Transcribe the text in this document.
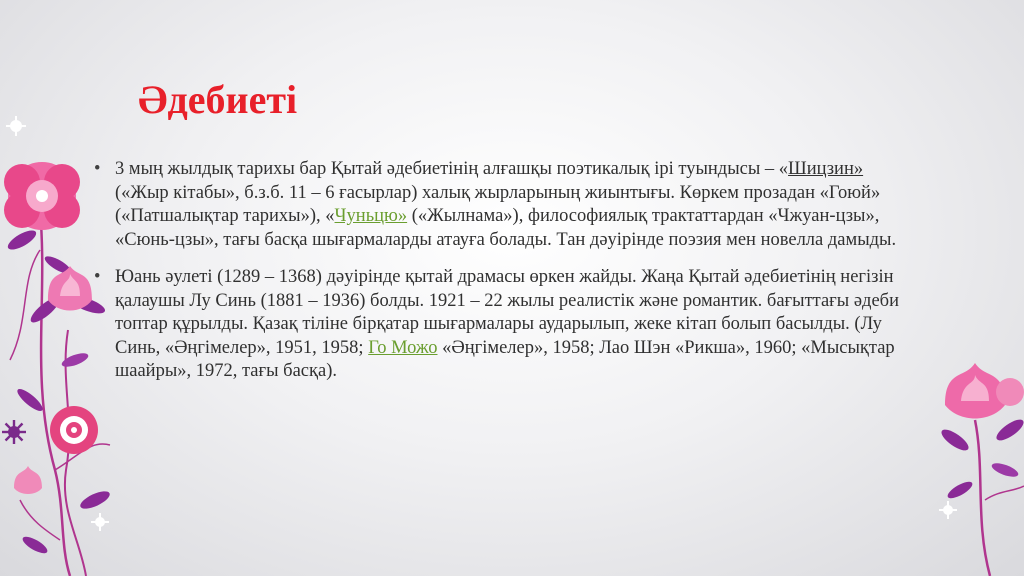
Әдебиеті
• 3 мың жылдық тарихы бар Қытай әдебиетінің алғашқы поэтикалық ірі туындысы – «Шицзин» («Жыр кітабы», б.з.б. 11 – 6 ғасырлар) халық жырларының жиынтығы. Көркем прозадан «Гоюй» («Патшалықтар тарихы»), «Чуньцю» («Жылнама»), философиялық трактаттардан «Чжуан-цзы», «Сюнь-цзы», тағы басқа шығармаларды атауға болады. Тан дәуірінде поэзия мен новелла дамыды.
• Юань әулеті (1289 – 1368) дәуірінде қытай драмасы өркен жайды. Жаңа Қытай әдебиетінің негізін қалаушы Лу Синь (1881 – 1936) болды. 1921 – 22 жылы реалистік және романтик. бағыттағы әдеби топтар құрылды. Қазақ тіліне бірқатар шығармалары аударылып, жеке кітап болып басылды. (Лу Синь, «Әңгімелер», 1951, 1958; Го Можо «Әңгімелер», 1958; Лао Шэн «Рикша», 1960; «Мысықтар шаайры», 1972, тағы басқа).
